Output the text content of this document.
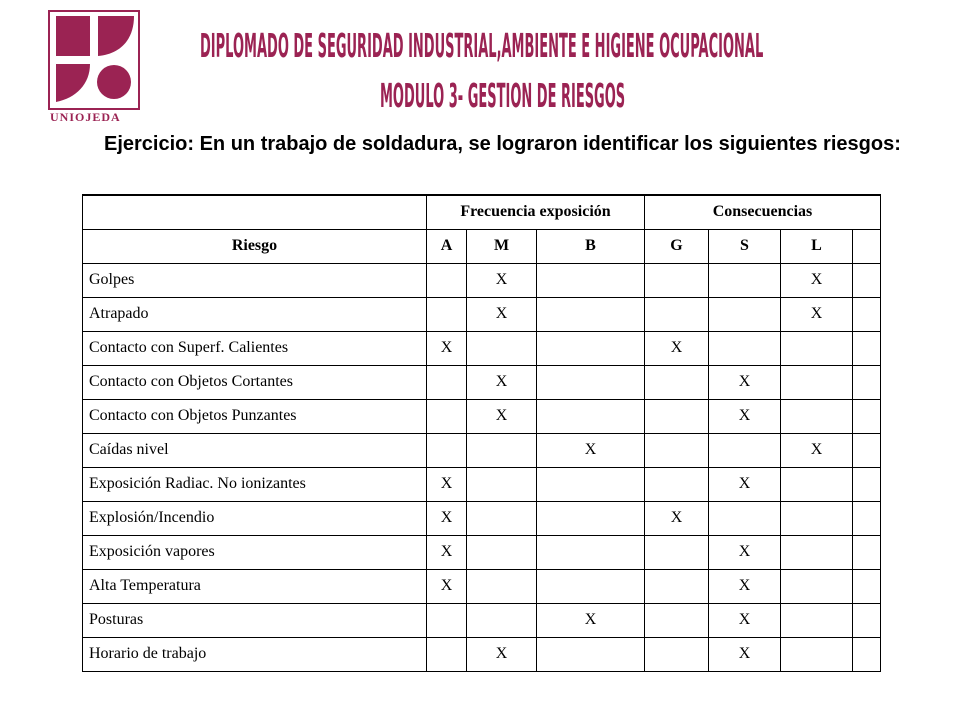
UNIOJEDA
DIPLOMADO DE SEGURIDAD INDUSTRIAL,AMBIENTE E HIGIENE OCUPACIONAL
MODULO 3- GESTION DE RIESGOS
Ejercicio: En un trabajo de soldadura, se lograron identificar los siguientes riesgos:
	Frecuencia exposición			Consecuencias			
Riesgo	A	M	B	G	S	L	
Golpes		X				X	
Atrapado		X				X	
Contacto con Superf. Calientes	X			X			
Contacto con Objetos Cortantes		X			X		
Contacto con Objetos Punzantes		X			X		
Caídas nivel			X			X	
Exposición Radiac. No ionizantes	X				X		
Explosión/Incendio	X			X			
Exposición vapores	X				X		
Alta Temperatura	X				X		
Posturas			X		X		
Horario de trabajo		X			X		
